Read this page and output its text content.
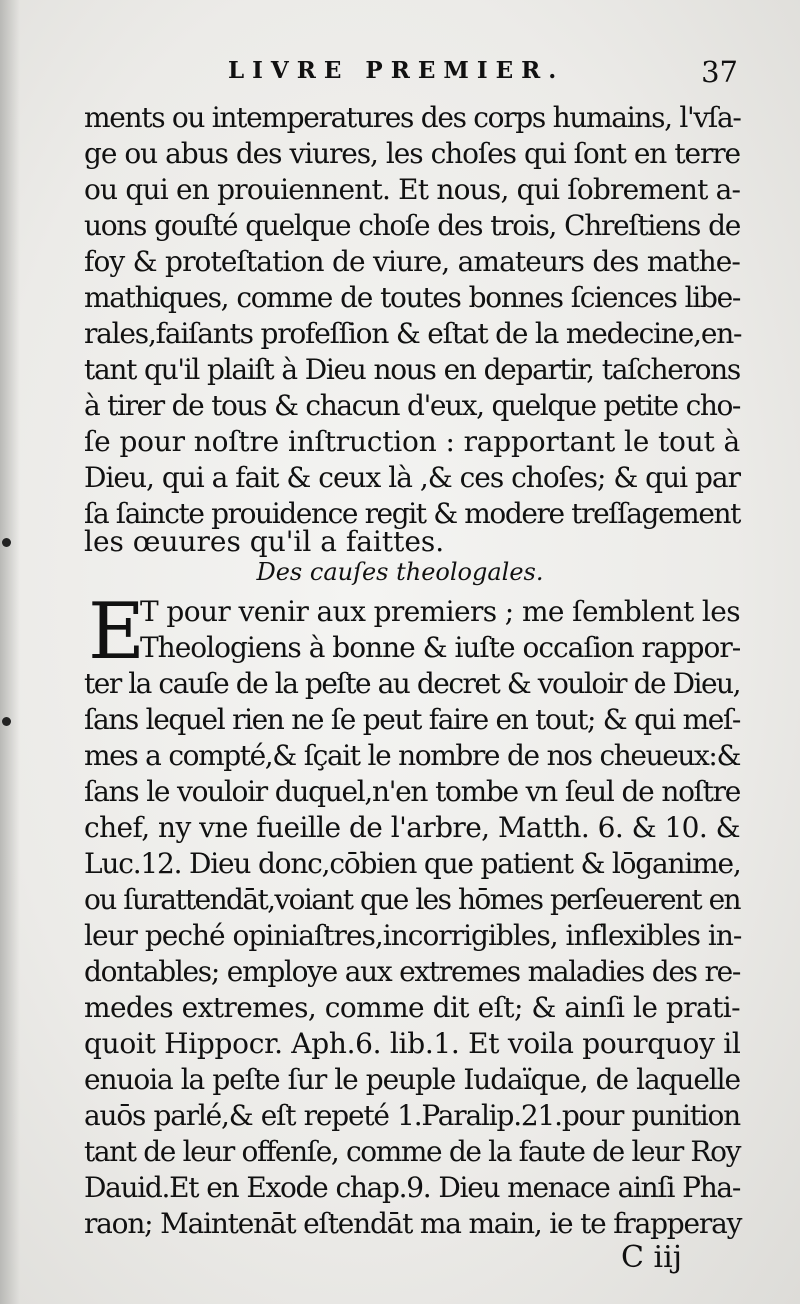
LIVRE PREMIER.	37
ments ou intemperatures des corps humains, l'vſa-
ge ou abus des viures, les choſes qui ſont en terre
ou qui en prouiennent. Et nous, qui ſobrement a-
uons gouſté quelque choſe des trois, Chreſtiens de
foy & proteſtation de viure, amateurs des mathe-
mathiques, comme de toutes bonnes ſciences libe-
rales,faiſants profeſſion & eſtat de la medecine,en-
tant qu'il plaiſt à Dieu nous en departir, taſcherons
à tirer de tous & chacun d'eux, quelque petite cho-
ſe pour noſtre inſtruction : rapportant le tout à
Dieu, qui a fait & ceux là ,& ces choſes; & qui par
ſa ſaincte prouidence regit & modere treſſagement
les œuures qu'il a faittes.
Des cauſes theologales.
E
T pour venir aux premiers ; me ſemblent les
Theologiens à bonne & iuſte occaſion rappor-
ter la cauſe de la peſte au decret & vouloir de Dieu,
ſans lequel rien ne ſe peut faire en tout; & qui meſ-
mes a compté,& ſçait le nombre de nos cheueux:&
ſans le vouloir duquel,n'en tombe vn ſeul de noſtre
chef, ny vne fueille de l'arbre, Matth. 6. & 10. &
Luc.12. Dieu donc,cōbien que patient & lōganime,
ou ſurattendāt,voiant que les hōmes perſeuerent en
leur peché opiniaſtres,incorrigibles, inflexibles in-
dontables; employe aux extremes maladies des re-
medes extremes, comme dit eſt; & ainſi le prati-
quoit Hippocr. Aph.6. lib.1. Et voila pourquoy il
enuoia la peſte ſur le peuple Iudaïque, de laquelle
auōs parlé,& eſt repeté 1.Paralip.21.pour punition
tant de leur offenſe, comme de la faute de leur Roy
Dauid.Et en Exode chap.9. Dieu menace ainſi Pha-
raon; Maintenāt eſtendāt ma main, ie te frapperay
C iij
